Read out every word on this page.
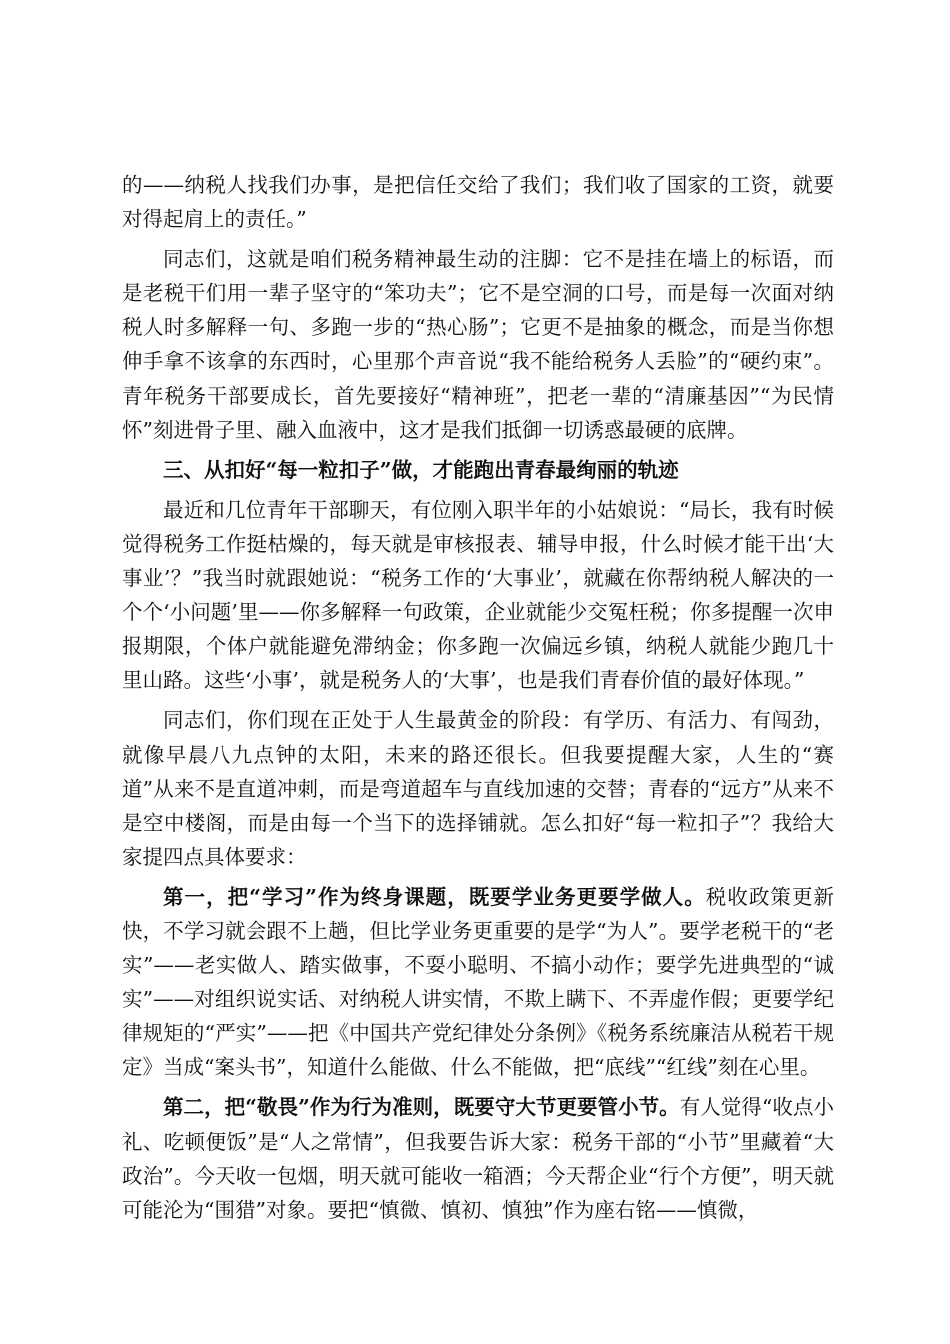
的——纳税人找我们办事，是把信任交给了我们；我们收了国家的工资，就要对得起肩上的责任。”

同志们，这就是咱们税务精神最生动的注脚：它不是挂在墙上的标语，而是老税干们用一辈子坚守的“笨功夫”；它不是空洞的口号，而是每一次面对纳税人时多解释一句、多跑一步的“热心肠”；它更不是抽象的概念，而是当你想伸手拿不该拿的东西时，心里那个声音说“我不能给税务人丢脸”的“硬约束”。青年税务干部要成长，首先要接好“精神班”，把老一辈的“清廉基因”“为民情怀”刻进骨子里、融入血液中，这才是我们抵御一切诱惑最硬的底牌。

三、从扣好“每一粒扣子”做，才能跑出青春最绚丽的轨迹

最近和几位青年干部聊天，有位刚入职半年的小姑娘说：“局长，我有时候觉得税务工作挺枯燥的，每天就是审核报表、辅导申报，什么时候才能干出‘大事业’？”我当时就跟她说：“税务工作的‘大事业’，就藏在你帮纳税人解决的一个个‘小问题’里——你多解释一句政策，企业就能少交冤枉税；你多提醒一次申报期限，个体户就能避免滞纳金；你多跑一次偏远乡镇，纳税人就能少跑几十里山路。这些‘小事’，就是税务人的‘大事’，也是我们青春价值的最好体现。”

同志们，你们现在正处于人生最黄金的阶段：有学历、有活力、有闯劲，就像早晨八九点钟的太阳，未来的路还很长。但我要提醒大家，人生的“赛道”从来不是直道冲刺，而是弯道超车与直线加速的交替；青春的“远方”从来不是空中楼阁，而是由每一个当下的选择铺就。怎么扣好“每一粒扣子”？我给大家提四点具体要求：

第一，把“学习”作为终身课题，既要学业务更要学做人。税收政策更新快，不学习就会跟不上趟，但比学业务更重要的是学“为人”。要学老税干的“老实”——老实做人、踏实做事，不耍小聪明、不搞小动作；要学先进典型的“诚实”——对组织说实话、对纳税人讲实情，不欺上瞒下、不弄虚作假；更要学纪律规矩的“严实”——把《中国共产党纪律处分条例》《税务系统廉洁从税若干规定》当成“案头书”，知道什么能做、什么不能做，把“底线”“红线”刻在心里。

第二，把“敬畏”作为行为准则，既要守大节更要管小节。有人觉得“收点小礼、吃顿便饭”是“人之常情”，但我要告诉大家：税务干部的“小节”里藏着“大政治”。今天收一包烟，明天就可能收一箱酒；今天帮企业“行个方便”，明天就可能沦为“围猎”对象。要把“慎微、慎初、慎独”作为座右铭——慎微，
